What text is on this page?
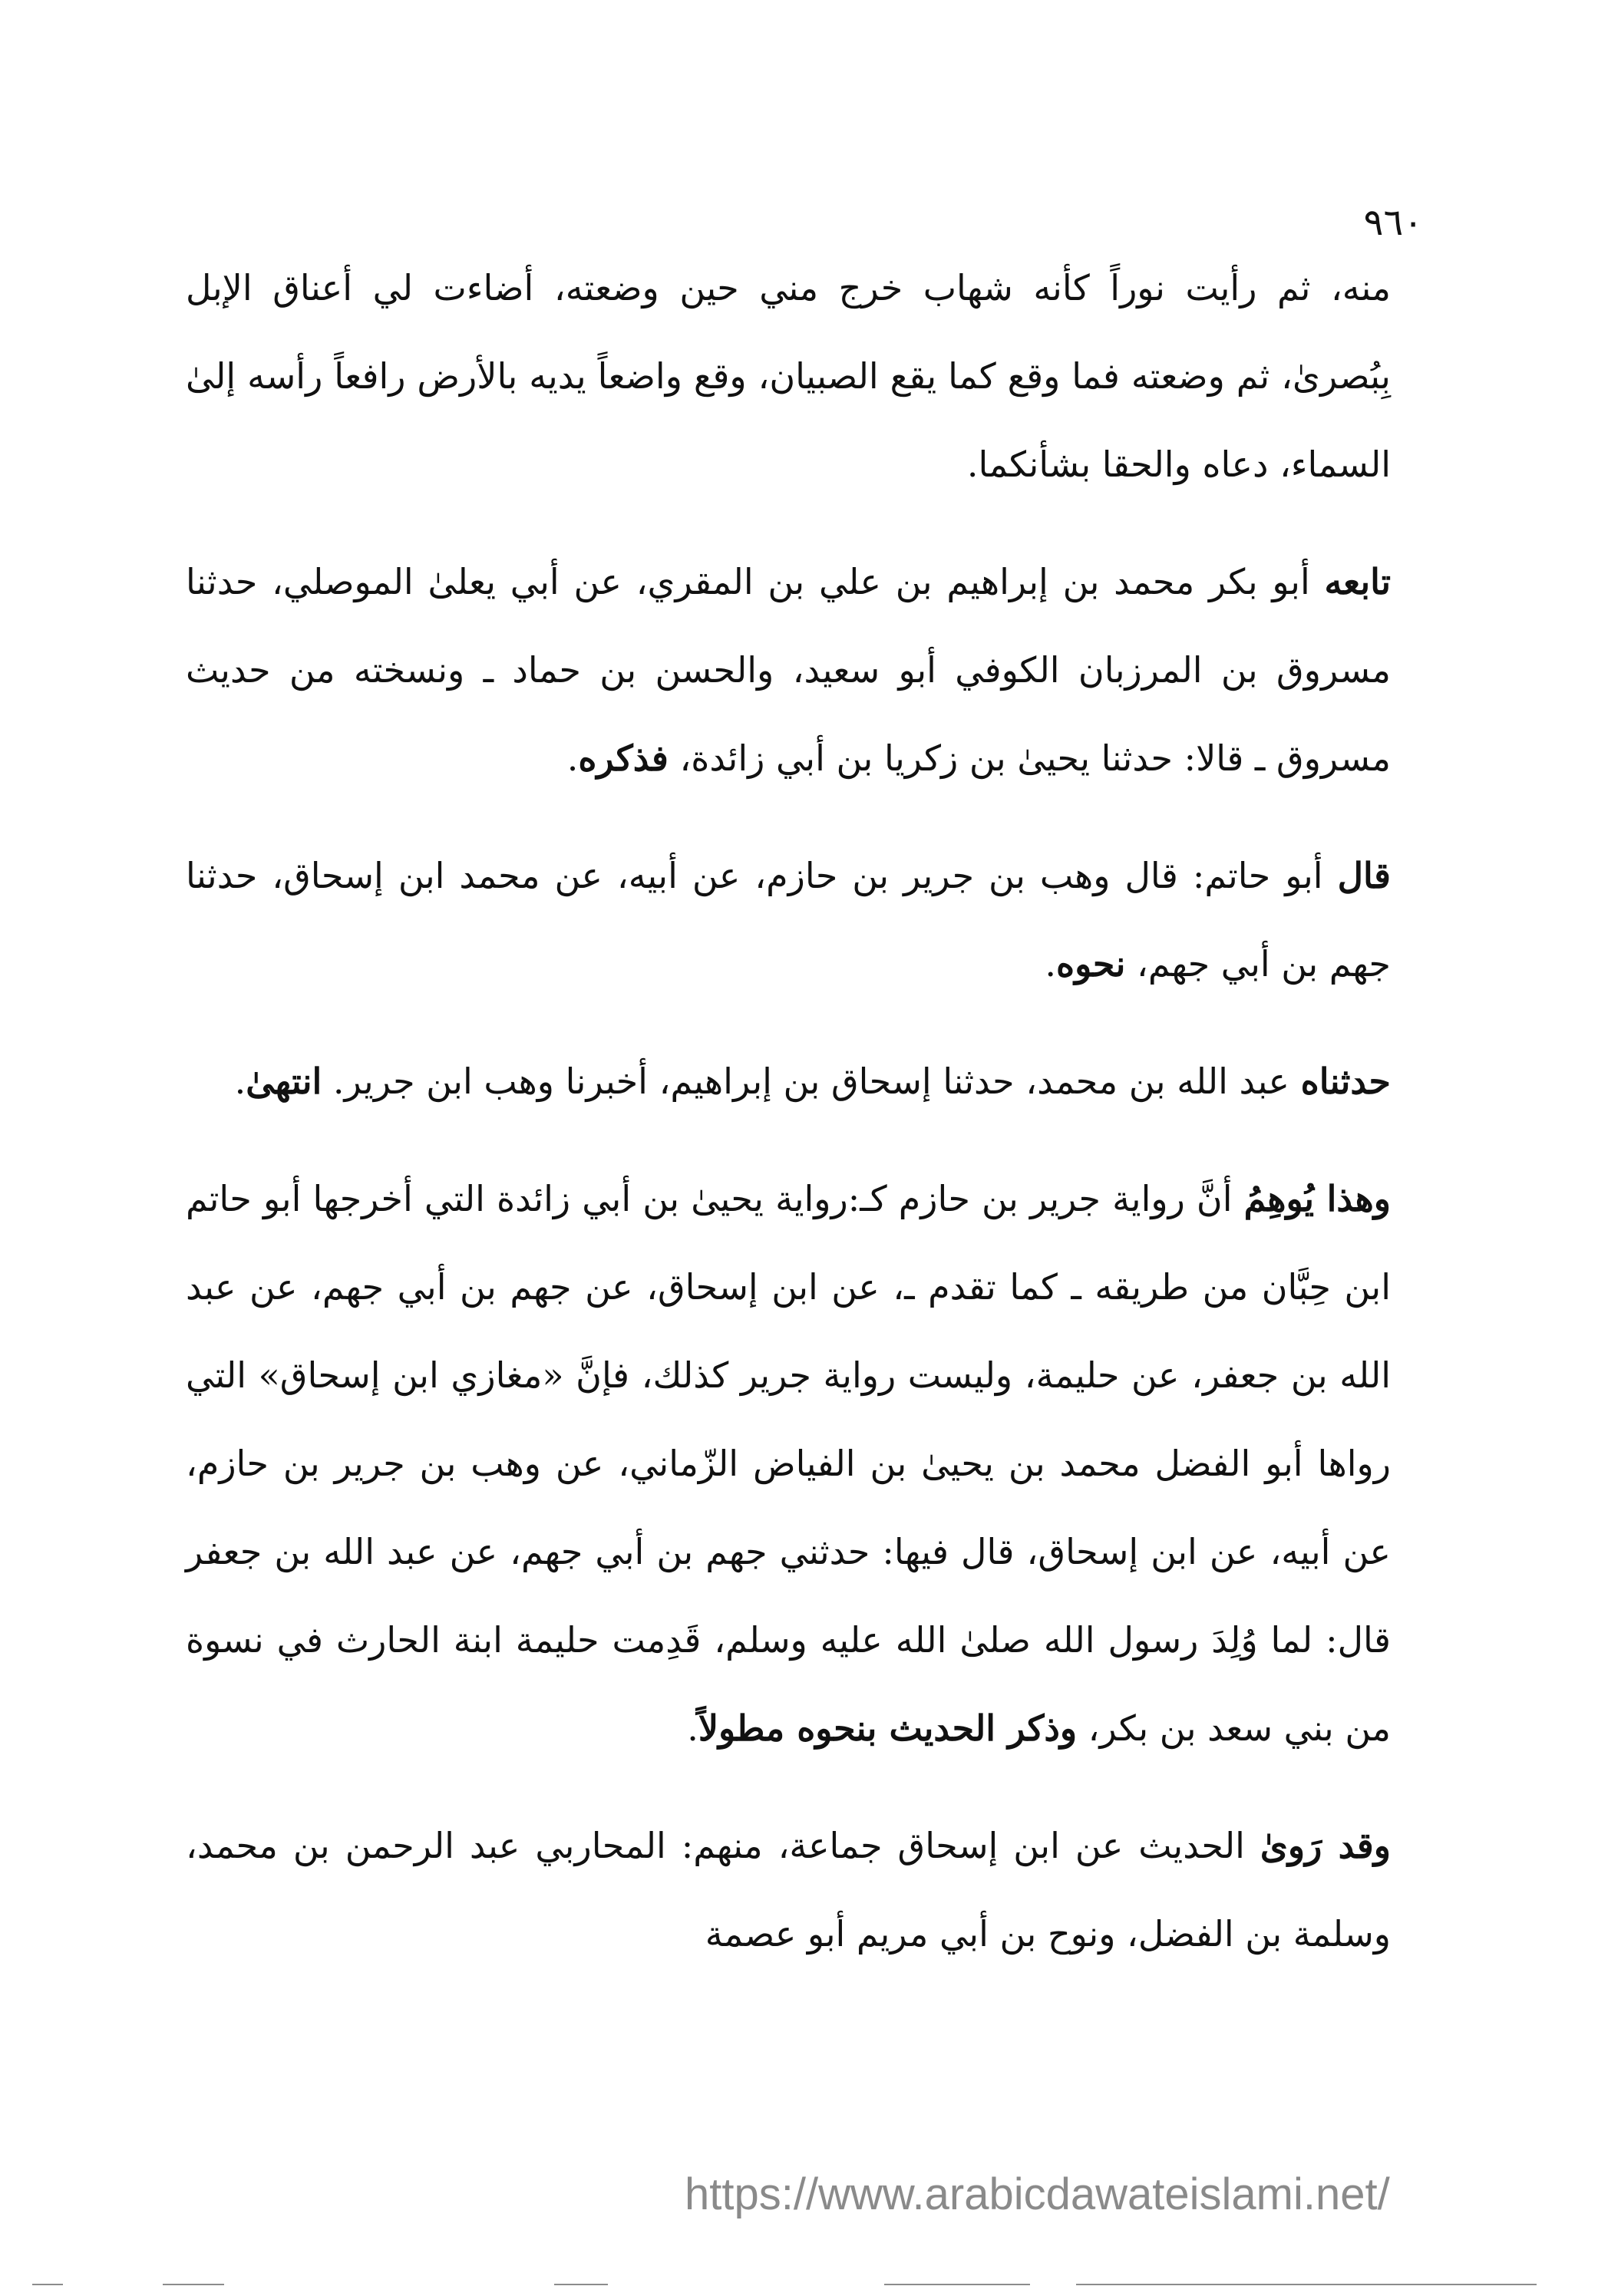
٩٦٠

منه، ثم رأيت نوراً كأنه شهاب خرج مني حين وضعته، أضاءت لي أعناق الإبل بِبُصرىٰ، ثم وضعته فما وقع كما يقع الصبيان، وقع واضعاً يديه بالأرض رافعاً رأسه إلىٰ السماء، دعاه والحقا بشأنكما.

تابعه أبو بكر محمد بن إبراهيم بن علي بن المقري، عن أبي يعلىٰ الموصلي، حدثنا مسروق بن المرزبان الكوفي أبو سعيد، والحسن بن حماد ـ ونسخته من حديث مسروق ـ قالا: حدثنا يحيىٰ بن زكريا بن أبي زائدة، فذكره.

قال أبو حاتم: قال وهب بن جرير بن حازم، عن أبيه، عن محمد ابن إسحاق، حدثنا جهم بن أبي جهم، نحوه.

حدثناه عبد الله بن محمد، حدثنا إسحاق بن إبراهيم، أخبرنا وهب ابن جرير. انتهىٰ.

وهذا يُوهِمُ أنَّ رواية جرير بن حازم كـ:رواية يحيىٰ بن أبي زائدة التي أخرجها أبو حاتم ابن حِبَّان من طريقه ـ كما تقدم ـ، عن ابن إسحاق، عن جهم بن أبي جهم، عن عبد الله بن جعفر، عن حليمة، وليست رواية جرير كذلك، فإنَّ «مغازي ابن إسحاق» التي رواها أبو الفضل محمد بن يحيىٰ بن الفياض الزّماني، عن وهب بن جرير بن حازم، عن أبيه، عن ابن إسحاق، قال فيها: حدثني جهم بن أبي جهم، عن عبد الله بن جعفر قال: لما وُلِدَ رسول الله صلىٰ الله عليه وسلم، قَدِمت حليمة ابنة الحارث في نسوة من بني سعد بن بكر، وذكر الحديث بنحوه مطولاً.

وقد رَوىٰ الحديث عن ابن إسحاق جماعة، منهم: المحاربي عبد الرحمن بن محمد، وسلمة بن الفضل، ونوح بن أبي مريم أبو عصمة

https://www.arabicdawateislami.net/
